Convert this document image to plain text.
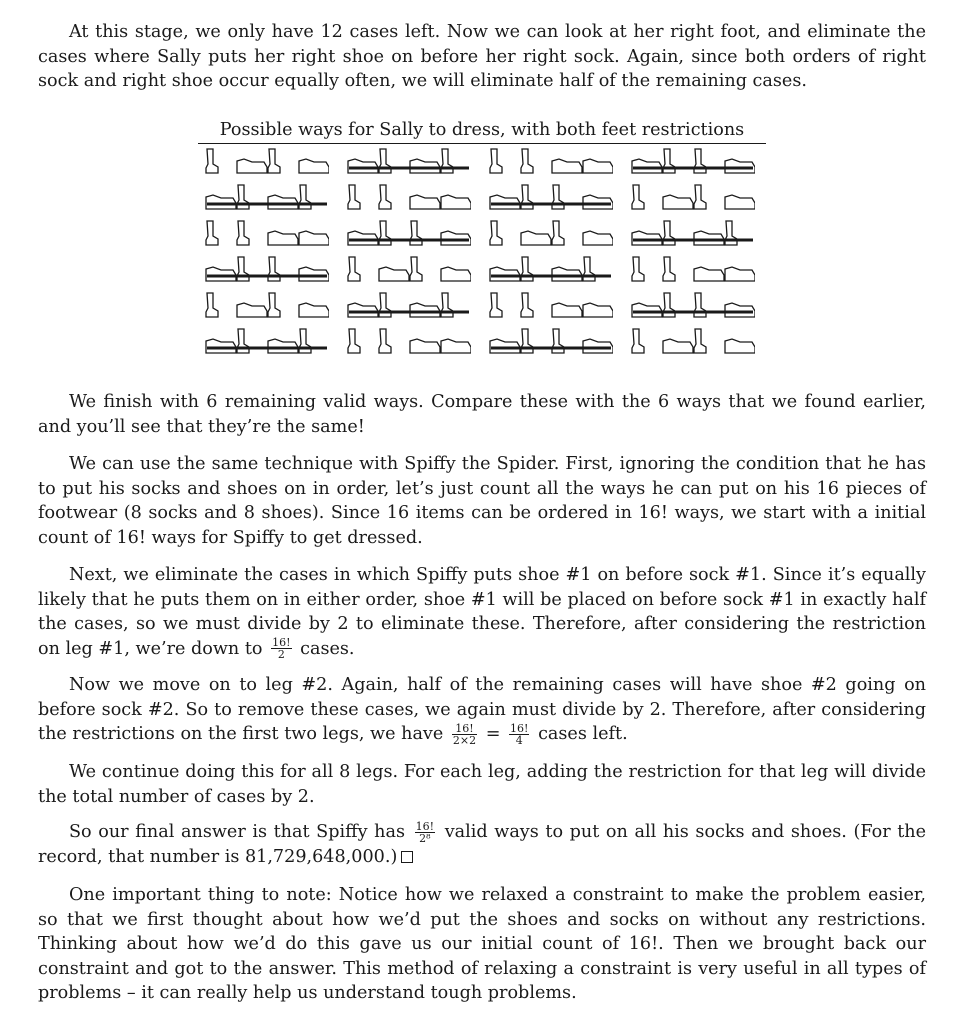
At this stage, we only have 12 cases left. Now we can look at her right foot, and eliminate the cases where Sally puts her right shoe on before her right sock. Again, since both orders of right sock and right shoe occur equally often, we will eliminate half of the remaining cases.

Possible ways for Sally to dress, with both feet restrictions

We finish with 6 remaining valid ways. Compare these with the 6 ways that we found earlier, and you’ll see that they’re the same!

We can use the same technique with Spiffy the Spider. First, ignoring the condition that he has to put his socks and shoes on in order, let’s just count all the ways he can put on his 16 pieces of footwear (8 socks and 8 shoes). Since 16 items can be ordered in 16! ways, we start with a initial count of 16! ways for Spiffy to get dressed.

Next, we eliminate the cases in which Spiffy puts shoe #1 on before sock #1. Since it’s equally likely that he puts them on in either order, shoe #1 will be placed on before sock #1 in exactly half the cases, so we must divide by 2 to eliminate these. Therefore, after considering the restriction on leg #1, we’re down to $\frac{16!}{2}$ cases.

Now we move on to leg #2. Again, half of the remaining cases will have shoe #2 going on before sock #2. So to remove these cases, we again must divide by 2. Therefore, after considering the restrictions on the first two legs, we have $\frac{16!}{2\times 2} = \frac{16!}{4}$ cases left.

We continue doing this for all 8 legs. For each leg, adding the restriction for that leg will divide the total number of cases by 2.

So our final answer is that Spiffy has $\frac{16!}{\text{2⁸}}$ valid ways to put on all his socks and shoes. (For the record, that number is 81,729,648,000.)

One important thing to note: Notice how we relaxed a constraint to make the problem easier, so that we first thought about how we’d put the shoes and socks on without any restrictions. Thinking about how we’d do this gave us our initial count of 16!. Then we brought back our constraint and got to the answer. This method of relaxing a constraint is very useful in all types of problems – it can really help us understand tough problems.
